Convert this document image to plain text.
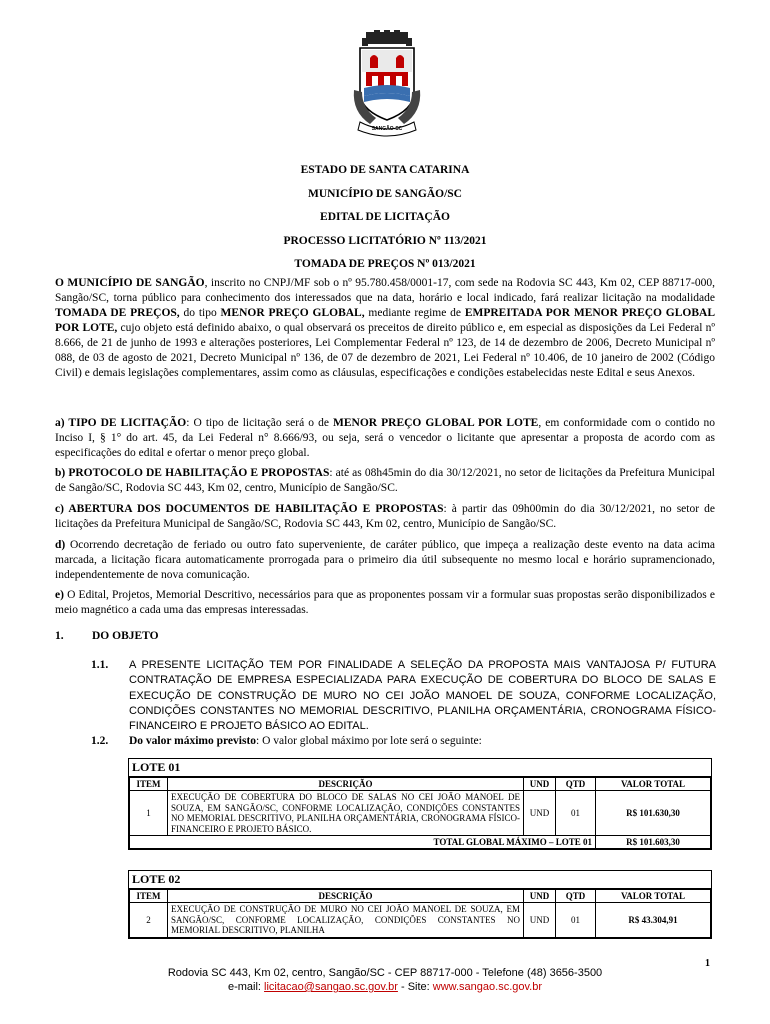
SANGÃO-SC
ESTADO DE SANTA CATARINA
MUNICÍPIO DE SANGÃO/SC
EDITAL DE LICITAÇÃO
PROCESSO LICITATÓRIO Nº 113/2021
TOMADA DE PREÇOS Nº 013/2021
O MUNICÍPIO DE SANGÃO, inscrito no CNPJ/MF sob o nº 95.780.458/0001-17, com sede na Rodovia SC 443, Km 02, CEP 88717-000, Sangão/SC, torna público para conhecimento dos interessados que na data, horário e local indicado, fará realizar licitação na modalidade TOMADA DE PREÇOS, do tipo MENOR PREÇO GLOBAL, mediante regime de EMPREITADA POR MENOR PREÇO GLOBAL POR LOTE, cujo objeto está definido abaixo, o qual observará os preceitos de direito público e, em especial as disposições da Lei Federal nº 8.666, de 21 de junho de 1993 e alterações posteriores, Lei Complementar Federal nº 123, de 14 de dezembro de 2006, Decreto Municipal nº 088, de 03 de agosto de 2021, Decreto Municipal nº 136, de 07 de dezembro de 2021, Lei Federal nº 10.406, de 10 janeiro de 2002 (Código Civil) e demais legislações complementares, assim como as cláusulas, especificações e condições estabelecidas neste Edital e seus Anexos.
a) TIPO DE LICITAÇÃO: O tipo de licitação será o de MENOR PREÇO GLOBAL POR LOTE, em conformidade com o contido no Inciso I, § 1° do art. 45, da Lei Federal n° 8.666/93, ou seja, será o vencedor o licitante que apresentar a proposta de acordo com as especificações do edital e ofertar o menor preço global.
b) PROTOCOLO DE HABILITAÇÃO E PROPOSTAS: até as 08h45min do dia 30/12/2021, no setor de licitações da Prefeitura Municipal de Sangão/SC, Rodovia SC 443, Km 02, centro, Município de Sangão/SC.
c) ABERTURA DOS DOCUMENTOS DE HABILITAÇÃO E PROPOSTAS: à partir das 09h00min do dia 30/12/2021, no setor de licitações da Prefeitura Municipal de Sangão/SC, Rodovia SC 443, Km 02, centro, Município de Sangão/SC.
d) Ocorrendo decretação de feriado ou outro fato superveniente, de caráter público, que impeça a realização deste evento na data acima marcada, a licitação ficara automaticamente prorrogada para o primeiro dia útil subsequente no mesmo local e horário supramencionado, independentemente de nova comunicação.
e) O Edital, Projetos, Memorial Descritivo, necessários para que as proponentes possam vir a formular suas propostas serão disponibilizados e meio magnético a cada uma das empresas interessadas.
1. DO OBJETO
1.1. A PRESENTE LICITAÇÃO TEM POR FINALIDADE A SELEÇÃO DA PROPOSTA MAIS VANTAJOSA P/ FUTURA CONTRATAÇÃO DE EMPRESA ESPECIALIZADA PARA EXECUÇÃO DE COBERTURA DO BLOCO DE SALAS E EXECUÇÃO DE CONSTRUÇÃO DE MURO NO CEI JOÃO MANOEL DE SOUZA, CONFORME LOCALIZAÇÃO, CONDIÇÕES CONSTANTES NO MEMORIAL DESCRITIVO, PLANILHA ORÇAMENTÁRIA, CRONOGRAMA FÍSICO-FINANCEIRO E PROJETO BÁSICO AO EDITAL.
1.2. Do valor máximo previsto: O valor global máximo por lote será o seguinte:
LOTE 01
ITEM	DESCRIÇÃO	UND	QTD	VALOR TOTAL
1	EXECUÇÃO DE COBERTURA DO BLOCO DE SALAS NO CEI JOÃO MANOEL DE SOUZA, EM SANGÃO/SC, CONFORME LOCALIZAÇÃO, CONDIÇÕES CONSTANTES NO MEMORIAL DESCRITIVO, PLANILHA ORÇAMENTÁRIA, CRONOGRAMA FÍSICO-FINANCEIRO E PROJETO BÁSICO.	UND	01	R$ 101.630,30
TOTAL GLOBAL MÁXIMO – LOTE 01				R$ 101.603,30
LOTE 02
ITEM	DESCRIÇÃO	UND	QTD	VALOR TOTAL
2	EXECUÇÃO DE CONSTRUÇÃO DE MURO NO CEI JOÃO MANOEL DE SOUZA, EM SANGÃO/SC, CONFORME LOCALIZAÇÃO, CONDIÇÕES CONSTANTES NO MEMORIAL DESCRITIVO, PLANILHA	UND	01	R$ 43.304,91
1
Rodovia SC 443, Km 02, centro, Sangão/SC - CEP 88717-000 - Telefone (48) 3656-3500
e-mail: licitacao@sangao.sc.gov.br - Site: www.sangao.sc.gov.br
